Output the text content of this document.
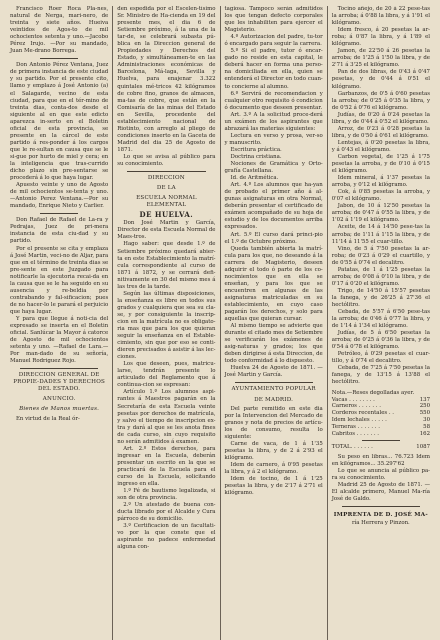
Francisco Roer Roca Pla-nes, natural de Nerga, mari-nero, de treinta y siete años. Hueiva veintidos de Agos-to de mil ochocientos setenta y uno.—Jacobo Pérez Irujo. —Por su mandado, Juan Me-drano Borrega.

Don Antonio Pérez Ventana, Juez de primera instancia de este ciudad y su partido. Por el presente cito, llamo y emplazo á José Antonio (a) el Salagarde, vecino de esta ciudad, para que en el tér-mino de treinta dias, conta-dos desde el siguiente al en que este edicto aparezca in-serto en el Boletin oficial de esta provincia, se presente en la cárcel de este partido á res-ponder á los cargos que le re-sultan en causa que se le si-gue por hurto de miel y cera; en la inteligencia que tras-currido dicho plazo sin pre-sentarse se procederá á lo que haya lugar.

Apuesto veinte y uno de Agosto de mil ochocientos se-tenta y uno.—Antonio Perez Ventana.—Por su mandado, Enrique Nieto y Carlier.

Don Rafael de Rafael de La-ra y Pedrajas, Juez de pri-mera instancia de esta ciu-dad y su partido.

Por el presente se cita y emplaza á José Martin, veci-no de Aljar, para que en el término de treinta dias se pre-sente en este Juzgado para notificarle la ejecutoria recai-da en la causa que se le ha seguido en su ausencia y re-beldia por contrabando y fal-sificacion; pues de no hacer-lo le parará el perjuicio que haya lugar.

Y para que llegue á noti-cia del expresado se inserta en el Boletin oficial. Sanlúcar la Mayor á catorce de Agosto de mil ochocientos setenta y uno. —Rafael de Lara.—Por man-dado de su señoría, Manuel Rodriguez Rojo.

DIRECCION GENERAL DE PROPIE-DADES Y DERECHOS DEL ESTADO.
ANUNCIO.
Bienes de Manos muertas.

En virtud de la Real ór-

den espedida por el Escelen-tísimo Sr. Ministro de Ha-cienda en 19 del presente mes, el dia 6 de Setiembre próximo, á la una de la tar-de, se celebrará subasta pú-blica en la Direccion general de Propiedades y Derechos del Estado, y simultáneamen-te en las Administraciones económicas de Barcelona, Má-laga, Sevilla y Huelva, para enajenar 3.322 quintales mé-tricos 42 kilógramos de cobre fino, granos de almacen, ma-tas de cobre, que están en la Comisaría de las minas del Estado en Sevilla, procedente del establecimiento nacional de Riotinto, con arreglo al pliego de condiciones inserto en la Gaceta de Madrid del dia 25 de Agosto de 1871.

Lo que se avisa al público para su conocimiento.

DIRECCION
DE LA
ESCUELA NORMAL ELEMENTAL
DE HUELVA.

Don José Martin y García, Director de esta Escuela Normal de Maes-tros.

Hago saber: que desde 1.º de Setiembre próximo quedará abier-ta en este Establecimiento la matrí-cula correspondiente al curso de 1871 á 1872, y se cerrará defi-nitivamente en 30 del mismo mes á las tres de la tarde.

Según las últimas disposiciones, la enseñanza es libre en todos sus grados y cualquiera que sea su cla-se, y por consiguiente la inscrip-cion en la matrícula no es obligato-ria mas que para los que quieran seguir la enseñanza en el Estable-cimiento, sin que por eso se conti-dieren precisados á asistir á las lec-ciones.

Los que deseen, pues, matricu-larse, tendrán presente lo articulado del Reglamento que á continua-cion se espresan:

Artículo 1.º Los alumnos aspi-rantes á Maestros pagarán en la Secretaría de esta Escuela veinte pesetas por derechos de matrícula, y salvo el tiempo de inscripcion ex-tra y dará al que se les anota fines de cada curso, sin cuyo requisito no serán admitidos á examen.

Art. 2.º Estos derechos, para ingresar en la Escuela, deberán presentar un escrito en la que se practicará de la Escuela para el curso de la Escuela, solicitando ingreso en ella.

1.º Fé de bautismo legalizada, si son de otra provincia.

2.º Un atestado de buena con-ducta librado por el Alcalde y Cura párroco de su domicilio.

3.º Certificacion de un facultati-vo por la que conste que el aspirante no padece enfermedad alguna con-

tagiosa. Tampoco serán admitidos los que tengan defecto corporales que les inhabiliten para ejercer el Magisterio.

4.º Autorizacion del padre, tu-tor ó encargado para seguir la carrera.

5.º Si el padre, tutor ó encar-gado no reside en esta capital, le deberá hacer en forma una perso-na domiciliada en ella, quien se entenderá el Director en todo cuan-to concierne al alumno.

6.º Servirá de recomendacion y cualquier otro requisito ó condicion ó documento que deseen presentar.

Art. 3.º A la solicitud proce-derá un exámen de los aspirantes que abrazará las materias siguientes:

Lectura en verso y prosa, ver-so y manuscrito.

Escritura práctica.

Doctrina cristiana.

Nociones de Gramática y Orto-grafía Castellana.

Id. de Aritmética.

Art. 4.º Los alumnos que ha-yan de probado el primer año á al-gunas asignaturas en otra Normal, deberán presentar el certificado de exámen acompañado de su hoja de estudio y de los documentos arriba expresados.

Art. 5.º El curso dará princi-pio el 1.º de Octubre próximo.

Queda también abierta la matrí-cula para los que, no deseando á la carrera de Magisterio, deseen adquirir el todo ó parte de los co-nocimientos que en ella se enseñan, y para los que se encuentren en algunas de las asignaturas matriculadas en su establecimiento, en cuyo caso pagarán los derechos, y solo para aquellas que quieran cursar.

Al mismo tiempo se advierte que durante el citado mes de Setiembre se verificarán los exámenes de asig-naturas y grados; los que deben dirigirse á esta Direccion, de todo conformidad á lo dispuesto.

Huelva 24 de Agosto de 1871. —José Martin y García.

AYUNTAMIENTO POPULAR
DE MADRID.

Del parte remitido en este dia por la Intervencion del Mercado de granos y nota de precios de artícu-los de consumo, resulta lo siguiente:

Carne de vaca, de 1 á 1'35 pesetas la libra, y de 2 á 2'93 el kilógramo.

Idem de carnero, á 0'95 pesetas la libra, y á 2 el kilógramo.

Idem de tocino, de 1 á 1'25 pesetas la libra, y de 2'17 á 2'71 el kilógramo.

Tocino añejo, de 20 á 22 pese-tas la arroba; á 0'88 la libra, y á 1'91 el kilógramo.

Idem fresco, á 20 pesetas la ar-roba; á 0'87 la libra, y á 1'89 el kilógramo.

Jamon, de 22'50 á 26 pesetas la arroba; de 1'25 á 1'50 la libra, y de 2'71 á 3'25 el kilógramo.

Pan de dos libras, de 0'43 á 0'47 pesetas, y de 0'44 á 0'51 el kilógramo.

Garbanzos, de 0'5 á 0'60 pesetas la arroba; de 0'25 á 0'35 la libra, y de 0'52 á 0'76 el kilógramo.

Judías, de 0'20 á 0'24 pesetas la libra, y de 0'44 á 0'52 el kilógramo.

Arroz, de 0'23 á 0'28 pesetas la libra, y de 0'50 á 0'61 el kilógramo.

Lentejas, á 0'20 pesetas la libra, y á 0'43 el kilógramo.

Carbon vegetal, de 1'25 á 1'75 pesetas la arroba, y de 0'10 á 0'15 el kilógramo.

Idem mineral, á 1'37 pesetas la arroba, y 0'12 el kilógramo.

Cok, á 0'85 pesetas la arroba, y 0'07 el kilógramo.

Jabon, de 10 á 12'50 pesetas la arroba; de 0'47 á 0'55 la libra, y de 1'02 á 1'19 el kilógramo.

Aceite, de 14 á 14'50 pese-tas la arroba; de 1'11 á 1'15 la libra, y de 11'14 á 11'55 el cuar-tillo.

Vino, de 5 á 7'50 pesetas la ar-roba; de 0'23 á 0'29 el cuartillo, y de 0'55 á 0'74 el decalitro.

Patatas, de 1 á 1'25 pesetas la arroba; de 0'08 á 0'10 la libra, y de 0'17 á 0'20 el kilógramo.

Trigo, de 14'50 á 15'57 pesetas la fanega, y de 26'25 á 27'36 el hectólitro.

Cebada, de 5'57 á 6'50 pese-tas la arroba; de 0'46 á 0'77 la libra, y de 1'14 á 1'34 el kilógramo.

Judías, de 5 á 6'50 pesetas la arroba; de 0'25 á 0'36 la libra, y de 0'54 á 0'78 el kilógramo.

Petróleo, á 0'29 pesetas el cuar-tillo, y á 0'74 el decalitro.

Cebada, de 7'25 á 7'50 pesetas la fanega, y de 13'15 á 13'88 el hectólitro.

Nota.—Reses degolladas ayer.

Vacas . . . . . . . .	137
Carneros . . . . . . .	250
Corderos recentales . .	550
Idem lechales . . . . .	30
Terneras . . . . . . .	58
Cabritos . . . . . . .	162
TOTAL. . . . . . .	1087

Su peso en libras... 76.723 Idem en kilógramos... 35.297'62

Lo que se anuncia al público pa-ra su conocimiento.

Madrid 25 de Agosto de 1871. —El alcalde primero, Manuel Ma-ría José de Galdo.

IMPRENTA DE D. JOSÉ MA-
ría Herrera y Pinzon.
